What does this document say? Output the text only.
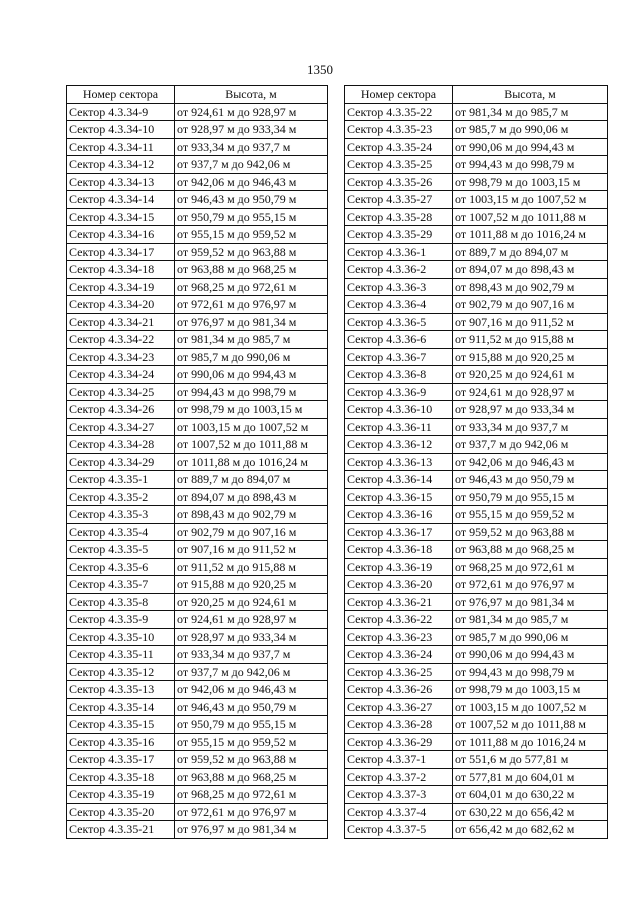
1350
Номер сектора	Высота, м
Сектор 4.3.34-9	от 924,61 м до 928,97 м
Сектор 4.3.34-10	от 928,97 м до 933,34 м
Сектор 4.3.34-11	от 933,34 м до 937,7 м
Сектор 4.3.34-12	от 937,7 м до 942,06 м
Сектор 4.3.34-13	от 942,06 м до 946,43 м
Сектор 4.3.34-14	от 946,43 м до 950,79 м
Сектор 4.3.34-15	от 950,79 м до 955,15 м
Сектор 4.3.34-16	от 955,15 м до 959,52 м
Сектор 4.3.34-17	от 959,52 м до 963,88 м
Сектор 4.3.34-18	от 963,88 м до 968,25 м
Сектор 4.3.34-19	от 968,25 м до 972,61 м
Сектор 4.3.34-20	от 972,61 м до 976,97 м
Сектор 4.3.34-21	от 976,97 м до 981,34 м
Сектор 4.3.34-22	от 981,34 м до 985,7 м
Сектор 4.3.34-23	от 985,7 м до 990,06 м
Сектор 4.3.34-24	от 990,06 м до 994,43 м
Сектор 4.3.34-25	от 994,43 м до 998,79 м
Сектор 4.3.34-26	от 998,79 м до 1003,15 м
Сектор 4.3.34-27	от 1003,15 м до 1007,52 м
Сектор 4.3.34-28	от 1007,52 м до 1011,88 м
Сектор 4.3.34-29	от 1011,88 м до 1016,24 м
Сектор 4.3.35-1	от 889,7 м до 894,07 м
Сектор 4.3.35-2	от 894,07 м до 898,43 м
Сектор 4.3.35-3	от 898,43 м до 902,79 м
Сектор 4.3.35-4	от 902,79 м до 907,16 м
Сектор 4.3.35-5	от 907,16 м до 911,52 м
Сектор 4.3.35-6	от 911,52 м до 915,88 м
Сектор 4.3.35-7	от 915,88 м до 920,25 м
Сектор 4.3.35-8	от 920,25 м до 924,61 м
Сектор 4.3.35-9	от 924,61 м до 928,97 м
Сектор 4.3.35-10	от 928,97 м до 933,34 м
Сектор 4.3.35-11	от 933,34 м до 937,7 м
Сектор 4.3.35-12	от 937,7 м до 942,06 м
Сектор 4.3.35-13	от 942,06 м до 946,43 м
Сектор 4.3.35-14	от 946,43 м до 950,79 м
Сектор 4.3.35-15	от 950,79 м до 955,15 м
Сектор 4.3.35-16	от 955,15 м до 959,52 м
Сектор 4.3.35-17	от 959,52 м до 963,88 м
Сектор 4.3.35-18	от 963,88 м до 968,25 м
Сектор 4.3.35-19	от 968,25 м до 972,61 м
Сектор 4.3.35-20	от 972,61 м до 976,97 м
Сектор 4.3.35-21	от 976,97 м до 981,34 м
Номер сектора	Высота, м
Сектор 4.3.35-22	от 981,34 м до 985,7 м
Сектор 4.3.35-23	от 985,7 м до 990,06 м
Сектор 4.3.35-24	от 990,06 м до 994,43 м
Сектор 4.3.35-25	от 994,43 м до 998,79 м
Сектор 4.3.35-26	от 998,79 м до 1003,15 м
Сектор 4.3.35-27	от 1003,15 м до 1007,52 м
Сектор 4.3.35-28	от 1007,52 м до 1011,88 м
Сектор 4.3.35-29	от 1011,88 м до 1016,24 м
Сектор 4.3.36-1	от 889,7 м до 894,07 м
Сектор 4.3.36-2	от 894,07 м до 898,43 м
Сектор 4.3.36-3	от 898,43 м до 902,79 м
Сектор 4.3.36-4	от 902,79 м до 907,16 м
Сектор 4.3.36-5	от 907,16 м до 911,52 м
Сектор 4.3.36-6	от 911,52 м до 915,88 м
Сектор 4.3.36-7	от 915,88 м до 920,25 м
Сектор 4.3.36-8	от 920,25 м до 924,61 м
Сектор 4.3.36-9	от 924,61 м до 928,97 м
Сектор 4.3.36-10	от 928,97 м до 933,34 м
Сектор 4.3.36-11	от 933,34 м до 937,7 м
Сектор 4.3.36-12	от 937,7 м до 942,06 м
Сектор 4.3.36-13	от 942,06 м до 946,43 м
Сектор 4.3.36-14	от 946,43 м до 950,79 м
Сектор 4.3.36-15	от 950,79 м до 955,15 м
Сектор 4.3.36-16	от 955,15 м до 959,52 м
Сектор 4.3.36-17	от 959,52 м до 963,88 м
Сектор 4.3.36-18	от 963,88 м до 968,25 м
Сектор 4.3.36-19	от 968,25 м до 972,61 м
Сектор 4.3.36-20	от 972,61 м до 976,97 м
Сектор 4.3.36-21	от 976,97 м до 981,34 м
Сектор 4.3.36-22	от 981,34 м до 985,7 м
Сектор 4.3.36-23	от 985,7 м до 990,06 м
Сектор 4.3.36-24	от 990,06 м до 994,43 м
Сектор 4.3.36-25	от 994,43 м до 998,79 м
Сектор 4.3.36-26	от 998,79 м до 1003,15 м
Сектор 4.3.36-27	от 1003,15 м до 1007,52 м
Сектор 4.3.36-28	от 1007,52 м до 1011,88 м
Сектор 4.3.36-29	от 1011,88 м до 1016,24 м
Сектор 4.3.37-1	от 551,6 м до 577,81 м
Сектор 4.3.37-2	от 577,81 м до 604,01 м
Сектор 4.3.37-3	от 604,01 м до 630,22 м
Сектор 4.3.37-4	от 630,22 м до 656,42 м
Сектор 4.3.37-5	от 656,42 м до 682,62 м
